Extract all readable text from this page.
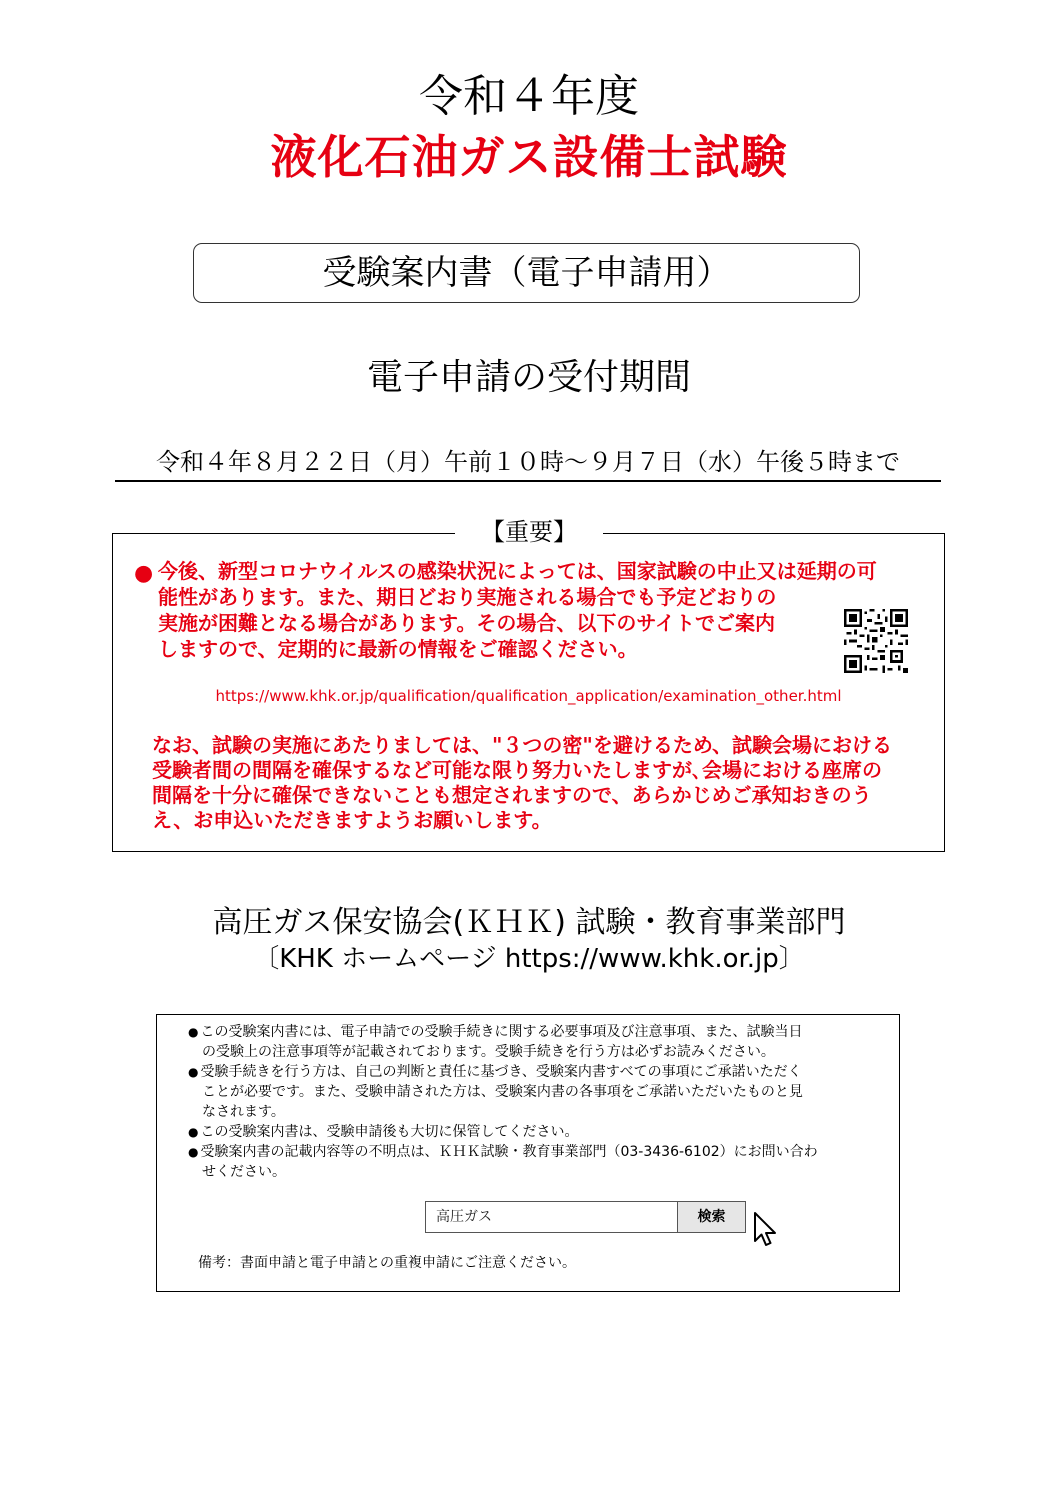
令和４年度
液化石油ガス設備士試験
受験案内書（電子申請用）
電子申請の受付期間
令和４年８月２２日（月）午前１０時～９月７日（水）午後５時まで
【重要】
● 今後、新型コロナウイルスの感染状況によっては、国家試験の中止又は延期の可
能性があります。また、期日どおり実施される場合でも予定どおりの
実施が困難となる場合があります。その場合、以下のサイトでご案内
しますので、定期的に最新の情報をご確認ください。
https://www.khk.or.jp/qualification/qualification_application/examination_other.html
なお、試験の実施にあたりましては、"３つの密"を避けるため、試験会場における
受験者間の間隔を確保するなど可能な限り努力いたしますが､会場における座席の
間隔を十分に確保できないことも想定されますので、あらかじめご承知おきのう
え、お申込いただきますようお願いします。
高圧ガス保安協会(ＫＨＫ) 試験・教育事業部門
〔KHK ホームページ https://www.khk.or.jp〕
● この受験案内書には、電子申請での受験手続きに関する必要事項及び注意事項、また、試験当日
の受験上の注意事項等が記載されております。受験手続きを行う方は必ずお読みください。
● 受験手続きを行う方は、自己の判断と責任に基づき、受験案内書すべての事項にご承諾いただく
ことが必要です。また、受験申請された方は、受験案内書の各事項をご承諾いただいたものと見
なされます。
● この受験案内書は、受験申請後も大切に保管してください。
● 受験案内書の記載内容等の不明点は、ＫＨＫ試験・教育事業部門（03-3436-6102）にお問い合わ
せください。
高圧ガス	検索
備考：書面申請と電子申請との重複申請にご注意ください。
